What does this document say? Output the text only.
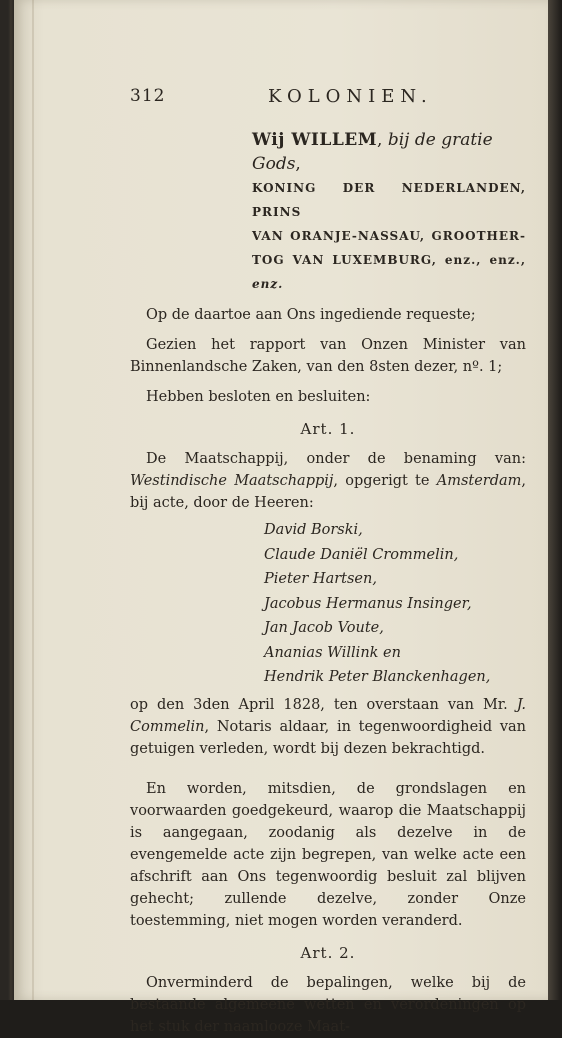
312	KOLONIEN.
Wij WILLEM, bij de gratie Gods,
KONING DER NEDERLANDEN, PRINS
VAN ORANJE-NASSAU, GROOTHER-
TOG VAN LUXEMBURG, enz., enz.,
enz.

Op de daartoe aan Ons ingediende requeste;

Gezien het rapport van Onzen Minister van Binnenlandsche Zaken, van den 8sten dezer, nº. 1;

Hebben besloten en besluiten:

Art. 1.

De Maatschappij, onder de benaming van: Westindische Maatschappij, opgerigt te Amsterdam, bij acte, door de Heeren:

David Borski,
Claude Daniël Crommelin,
Pieter Hartsen,
Jacobus Hermanus Insinger,
Jan Jacob Voute,
Ananias Willink en
Hendrik Peter Blanckenhagen,

op den 3den April 1828, ten overstaan van Mr. J. Commelin, Notaris aldaar, in tegenwoordigheid van getuigen verleden, wordt bij dezen bekrachtigd.

En worden, mitsdien, de grondslagen en voorwaarden goedgekeurd, waarop die Maatschappij is aangegaan, zoodanig als dezelve in de evengemelde acte zijn begrepen, van welke acte een afschrift aan Ons tegenwoordig besluit zal blijven gehecht; zullende dezelve, zonder Onze toestemming, niet mogen worden veranderd.

Art. 2.

Onverminderd de bepalingen, welke bij de bestaande algemeene wetten en verordeningen op het stuk der naamlooze Maat-
